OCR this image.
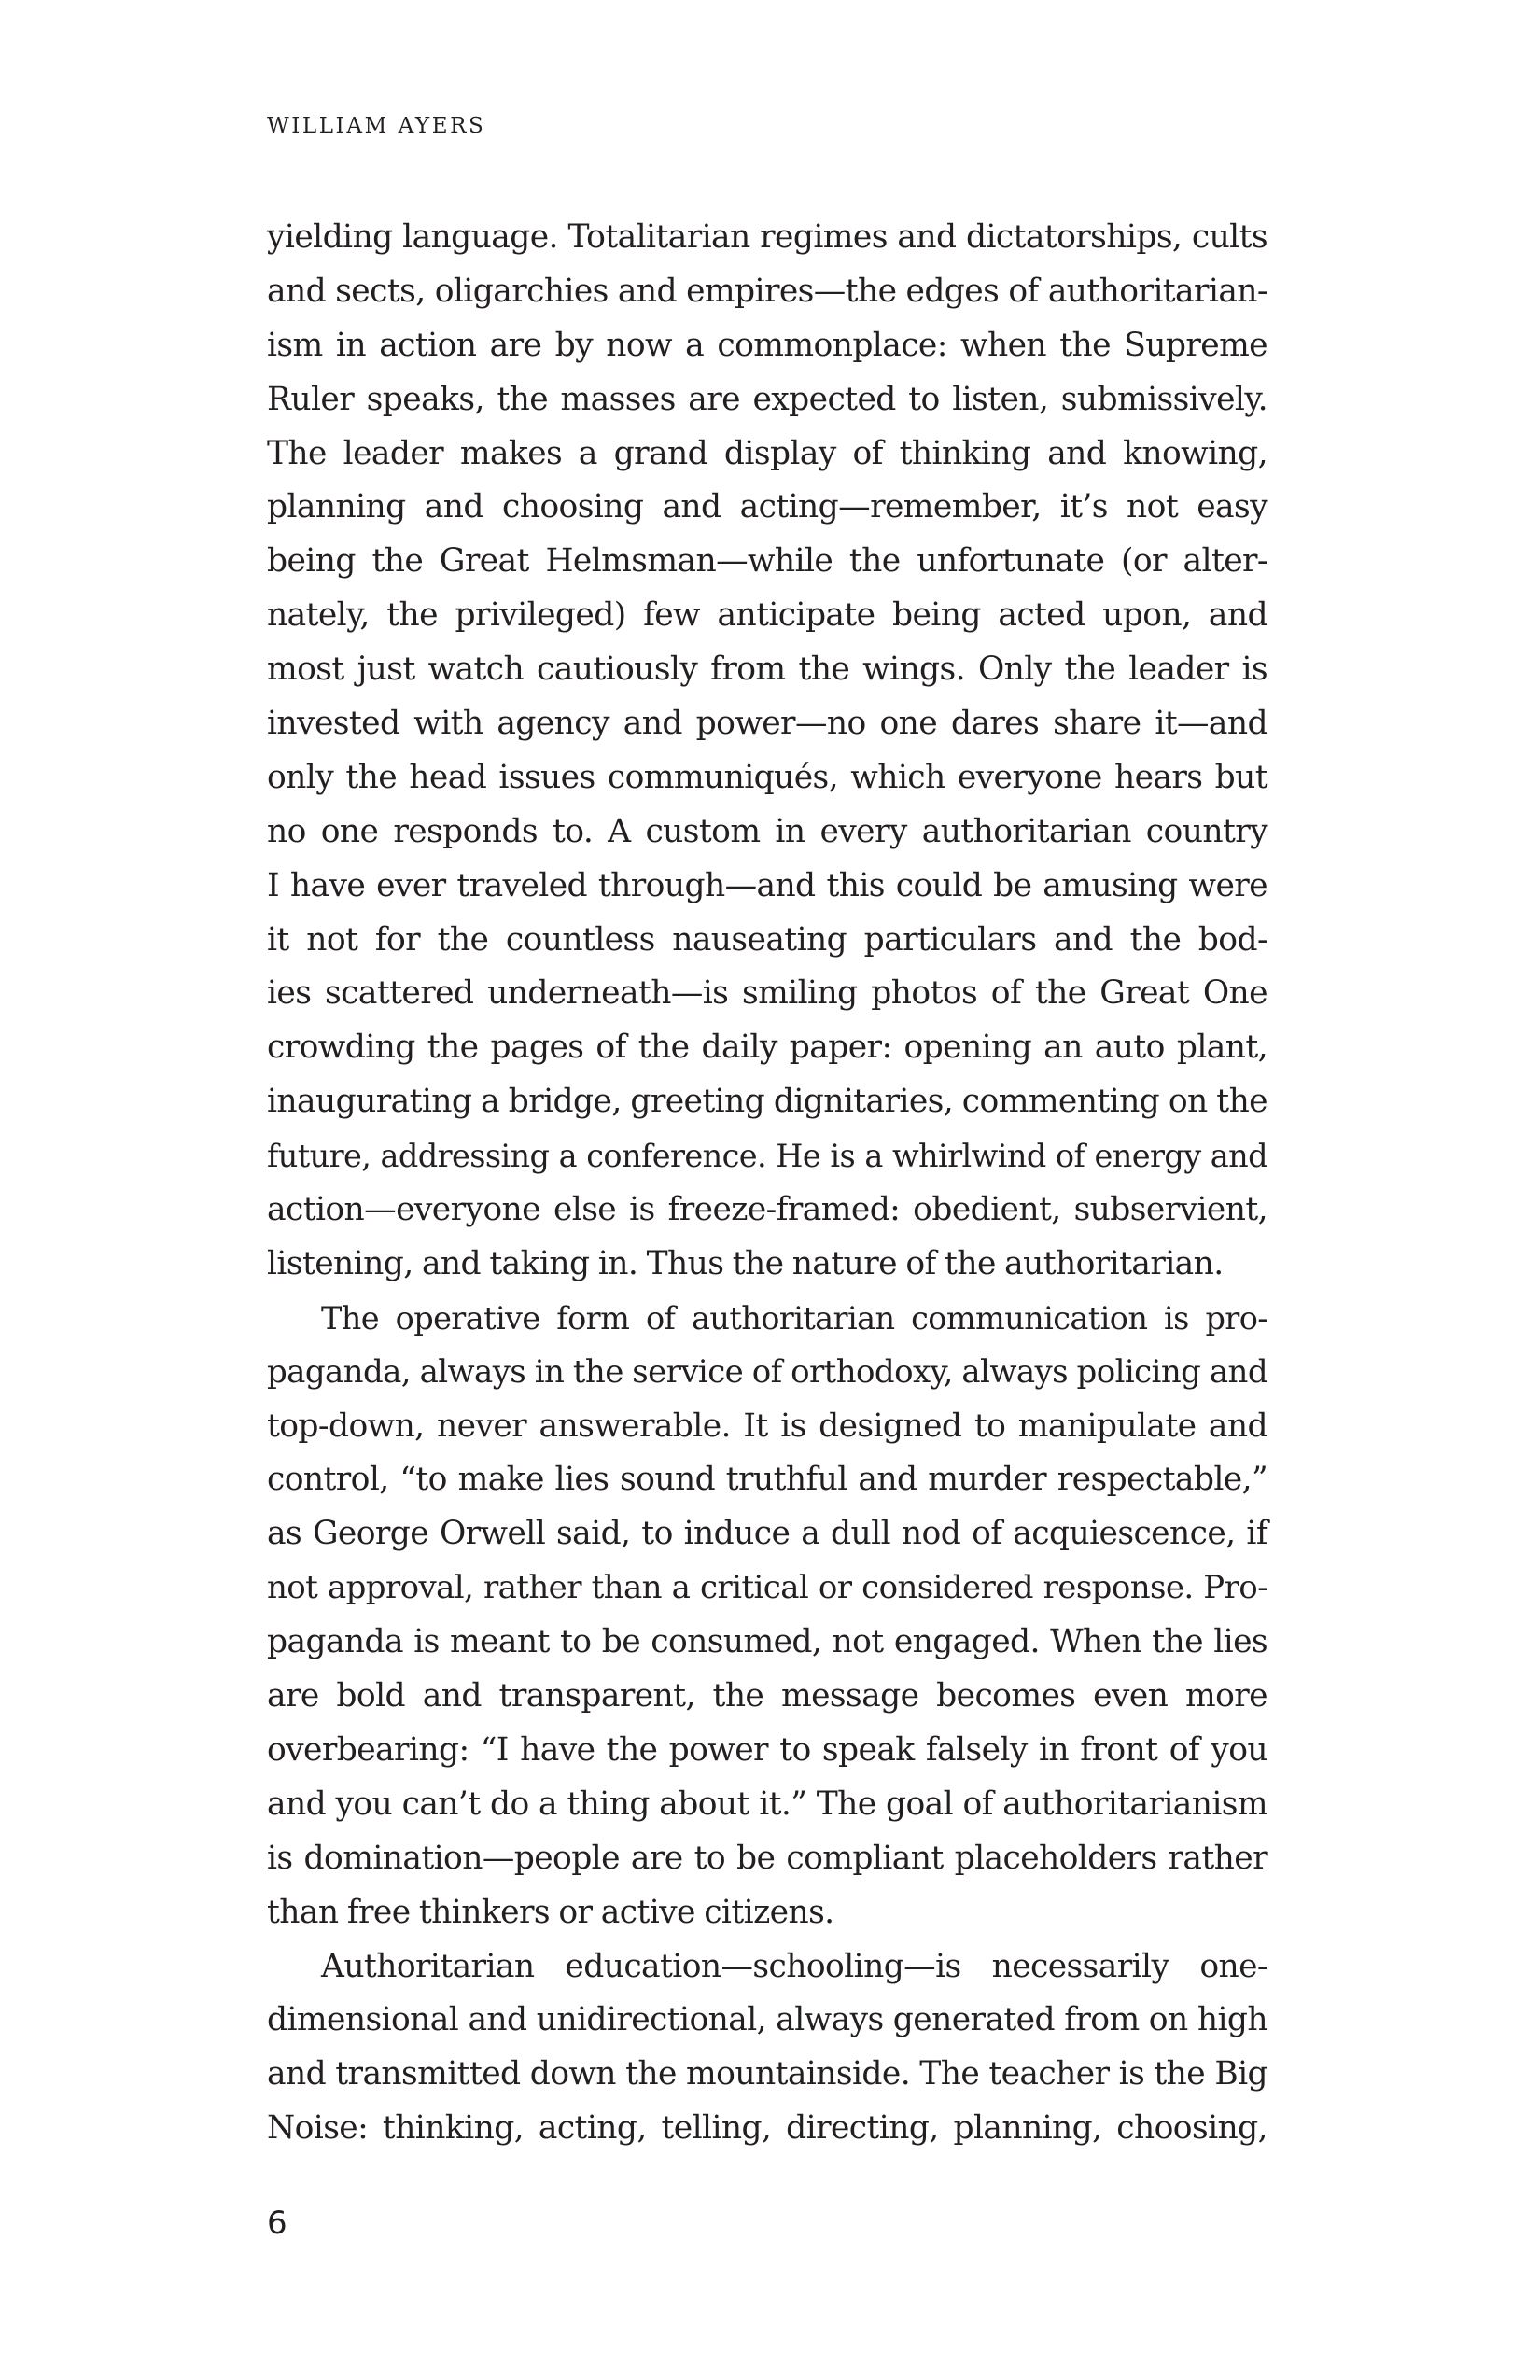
WILLIAM AYERS

yielding language. Totalitarian regimes and dictatorships, cults
and sects, oligarchies and empires—the edges of authoritarian-
ism in action are by now a commonplace: when the Supreme
Ruler speaks, the masses are expected to listen, submissively.
The leader makes a grand display of thinking and knowing,
planning and choosing and acting—remember, it’s not easy
being the Great Helmsman—while the unfortunate (or alter-
nately, the privileged) few anticipate being acted upon, and
most just watch cautiously from the wings. Only the leader is
invested with agency and power—no one dares share it—and
only the head issues communiqués, which everyone hears but
no one responds to. A custom in every authoritarian country
I have ever traveled through—and this could be amusing were
it not for the countless nauseating particulars and the bod-
ies scattered underneath—is smiling photos of the Great One
crowding the pages of the daily paper: opening an auto plant,
inaugurating a bridge, greeting dignitaries, commenting on the
future, addressing a conference. He is a whirlwind of energy and
action—everyone else is freeze-framed: obedient, subservient,
listening, and taking in. Thus the nature of the authoritarian.

The operative form of authoritarian communication is pro-
paganda, always in the service of orthodoxy, always policing and
top-down, never answerable. It is designed to manipulate and
control, “to make lies sound truthful and murder respectable,”
as George Orwell said, to induce a dull nod of acquiescence, if
not approval, rather than a critical or considered response. Pro-
paganda is meant to be consumed, not engaged. When the lies
are bold and transparent, the message becomes even more
overbearing: “I have the power to speak falsely in front of you
and you can’t do a thing about it.” The goal of authoritarianism
is domination—people are to be compliant placeholders rather
than free thinkers or active citizens.

Authoritarian education—schooling—is necessarily one-
dimensional and unidirectional, always generated from on high
and transmitted down the mountainside. The teacher is the Big
Noise: thinking, acting, telling, directing, planning, choosing,

6
